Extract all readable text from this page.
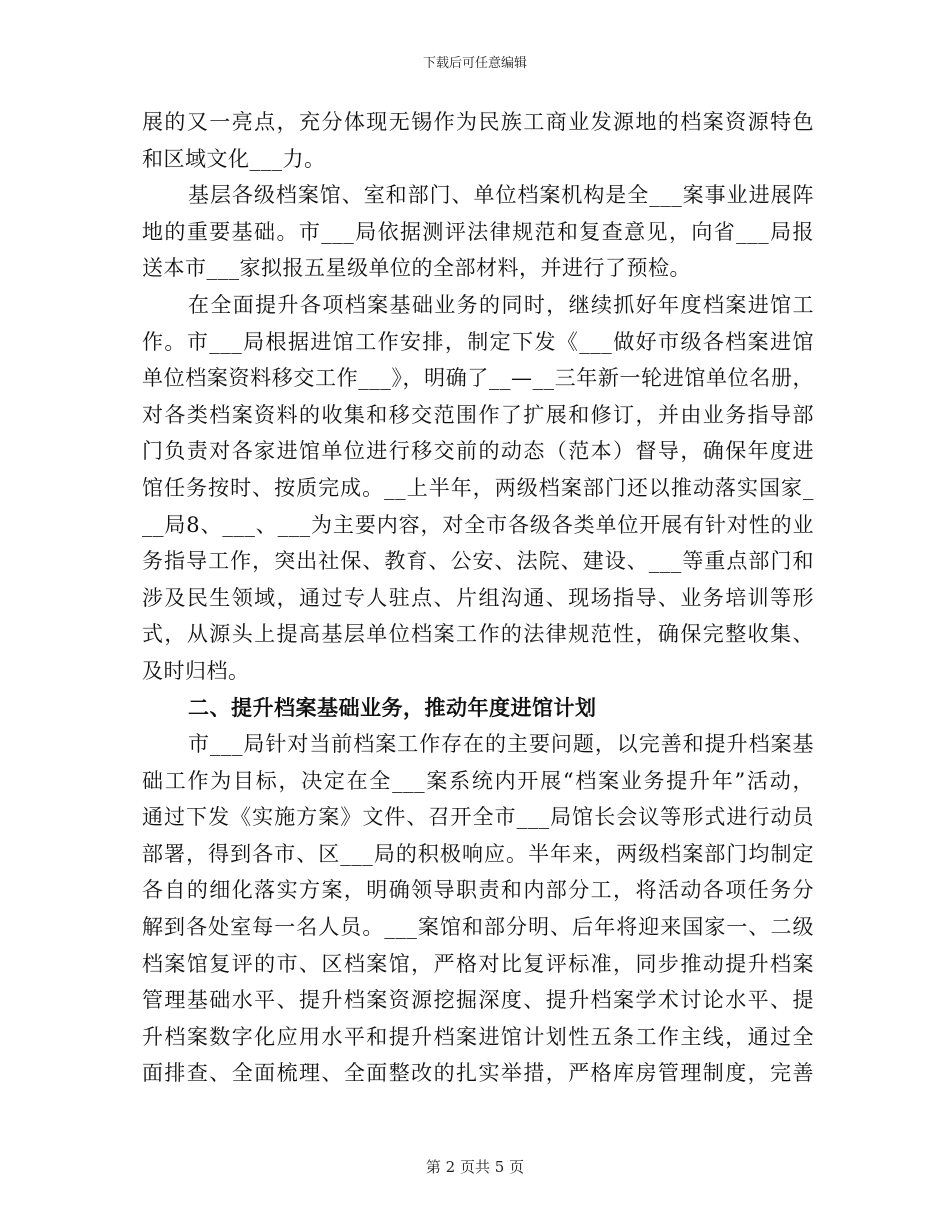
下载后可任意编辑
展的又一亮点，充分体现无锡作为民族工商业发源地的档案资源特色
和区域文化___力。
基层各级档案馆、室和部门、单位档案机构是全___案事业进展阵
地的重要基础。市___局依据测评法律规范和复查意见，向省___局报
送本市___家拟报五星级单位的全部材料，并进行了预检。
在全面提升各项档案基础业务的同时，继续抓好年度档案进馆工
作。市___局根据进馆工作安排，制定下发《___做好市级各档案进馆
单位档案资料移交工作___》，明确了__—__三年新一轮进馆单位名册，
对各类档案资料的收集和移交范围作了扩展和修订，并由业务指导部
门负责对各家进馆单位进行移交前的动态（范本）督导，确保年度进
馆任务按时、按质完成。__上半年，两级档案部门还以推动落实国家_
__局8、___、___为主要内容，对全市各级各类单位开展有针对性的业
务指导工作，突出社保、教育、公安、法院、建设、___等重点部门和
涉及民生领域，通过专人驻点、片组沟通、现场指导、业务培训等形
式，从源头上提高基层单位档案工作的法律规范性，确保完整收集、
及时归档。
二、提升档案基础业务，推动年度进馆计划
市___局针对当前档案工作存在的主要问题，以完善和提升档案基
础工作为目标，决定在全___案系统内开展“档案业务提升年”活动，
通过下发《实施方案》文件、召开全市___局馆长会议等形式进行动员
部署，得到各市、区___局的积极响应。半年来，两级档案部门均制定
各自的细化落实方案，明确领导职责和内部分工，将活动各项任务分
解到各处室每一名人员。___案馆和部分明、后年将迎来国家一、二级
档案馆复评的市、区档案馆，严格对比复评标准，同步推动提升档案
管理基础水平、提升档案资源挖掘深度、提升档案学术讨论水平、提
升档案数字化应用水平和提升档案进馆计划性五条工作主线，通过全
面排查、全面梳理、全面整改的扎实举措，严格库房管理制度，完善
第 2 页共 5 页
